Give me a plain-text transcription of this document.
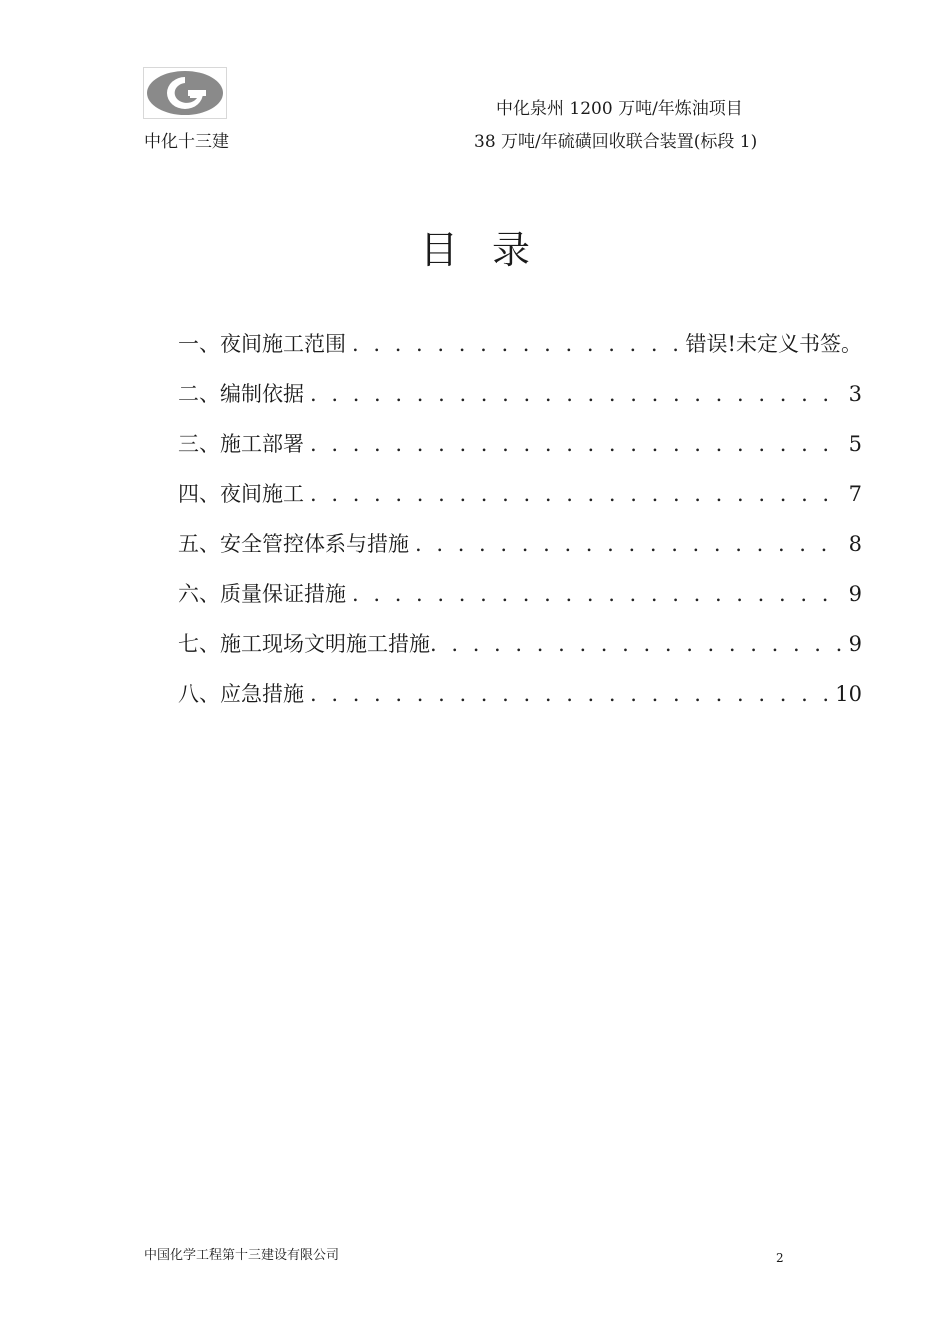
中化十三建
中化泉州 1200 万吨/年炼油项目
38 万吨/年硫磺回收联合装置(标段 1)
目录
一、夜间施工范围 . . .	错误!未定义书签。
二、编制依据 . . .	3
三、施工部署 . . .	5
四、夜间施工 . . .	7
五、安全管控体系与措施 . . .	8
六、质量保证措施 . . .	9
七、施工现场文明施工措施 . . .	9
八、应急措施 . . .	10
中国化学工程第十三建设有限公司	2
